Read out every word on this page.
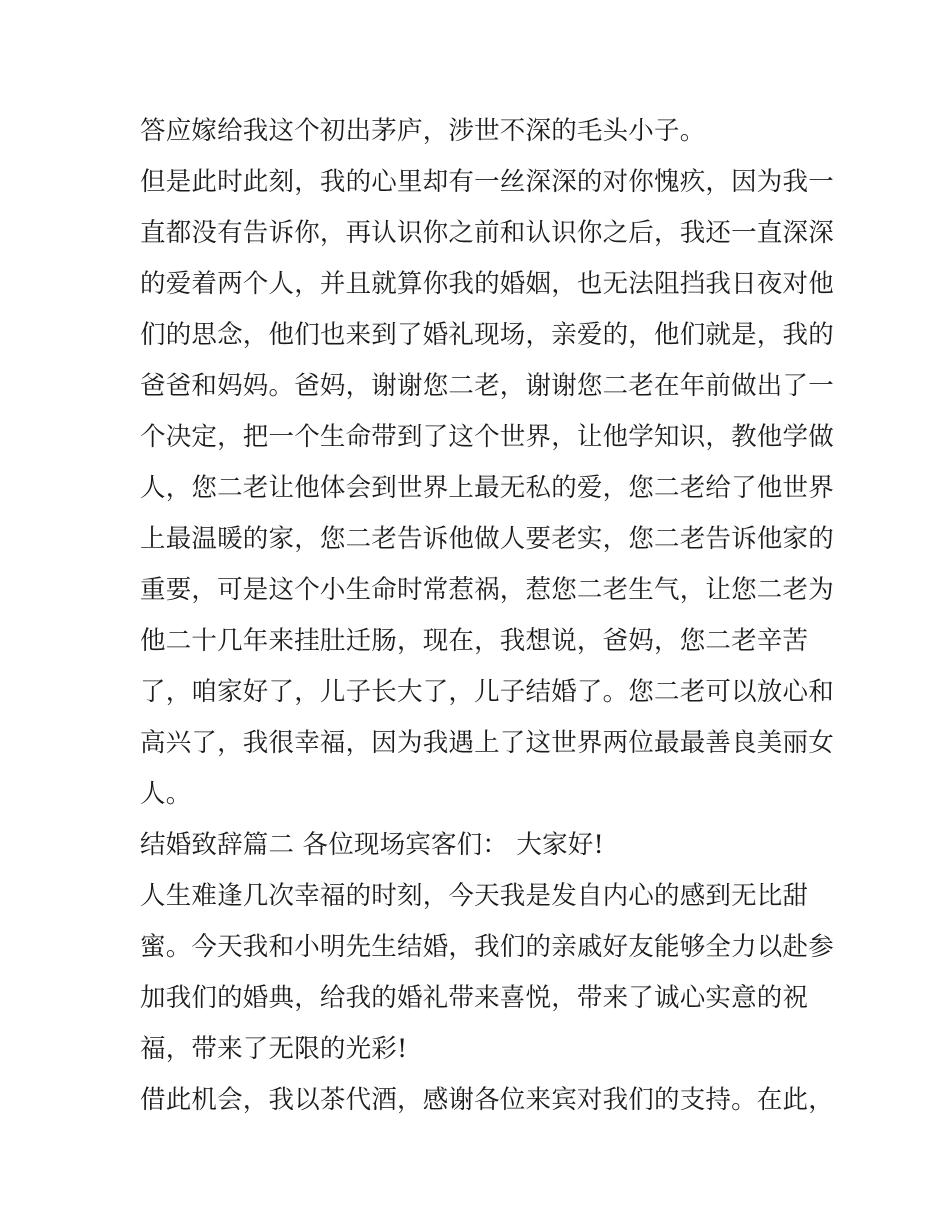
答应嫁给我这个初出茅庐，涉世不深的毛头小子。
但是此时此刻，我的心里却有一丝深深的对你愧疚，因为我一
直都没有告诉你，再认识你之前和认识你之后，我还一直深深
的爱着两个人，并且就算你我的婚姻，也无法阻挡我日夜对他
们的思念，他们也来到了婚礼现场，亲爱的，他们就是，我的
爸爸和妈妈。爸妈，谢谢您二老，谢谢您二老在年前做出了一
个决定，把一个生命带到了这个世界，让他学知识，教他学做
人，您二老让他体会到世界上最无私的爱，您二老给了他世界
上最温暖的家，您二老告诉他做人要老实，您二老告诉他家的
重要，可是这个小生命时常惹祸，惹您二老生气，让您二老为
他二十几年来挂肚迁肠，现在，我想说，爸妈，您二老辛苦
了，咱家好了，儿子长大了，儿子结婚了。您二老可以放心和
高兴了，我很幸福，因为我遇上了这世界两位最最善良美丽女
人。
结婚致辞篇二 各位现场宾客们： 大家好!
人生难逢几次幸福的时刻，今天我是发自内心的感到无比甜
蜜。今天我和小明先生结婚，我们的亲戚好友能够全力以赴参
加我们的婚典，给我的婚礼带来喜悦，带来了诚心实意的祝
福，带来了无限的光彩!
借此机会，我以茶代酒，感谢各位来宾对我们的支持。在此，
